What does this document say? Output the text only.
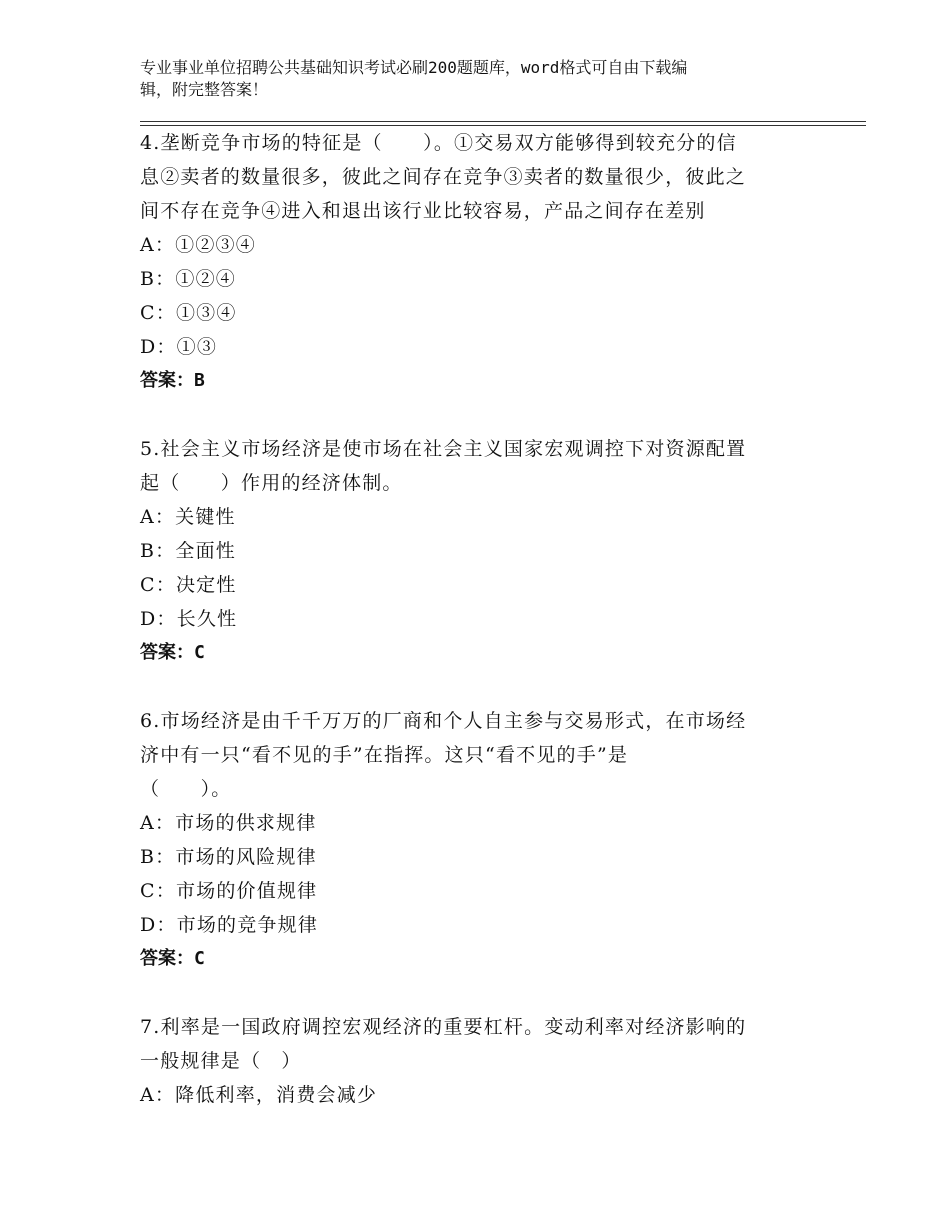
专业事业单位招聘公共基础知识考试必刷200题题库，word格式可自由下载编
辑，附完整答案！
4.垄断竞争市场的特征是（　　）。①交易双方能够得到较充分的信
息②卖者的数量很多，彼此之间存在竞争③卖者的数量很少，彼此之
间不存在竞争④进入和退出该行业比较容易，产品之间存在差别
A：①②③④
B：①②④
C：①③④
D：①③
答案：B
5.社会主义市场经济是使市场在社会主义国家宏观调控下对资源配置
起（　　）作用的经济体制。
A：关键性
B：全面性
C：决定性
D：长久性
答案：C
6.市场经济是由千千万万的厂商和个人自主参与交易形式，在市场经
济中有一只“看不见的手”在指挥。这只“看不见的手”是
（　　）。
A：市场的供求规律
B：市场的风险规律
C：市场的价值规律
D：市场的竞争规律
答案：C
7.利率是一国政府调控宏观经济的重要杠杆。变动利率对经济影响的
一般规律是（　）
A：降低利率，消费会减少
